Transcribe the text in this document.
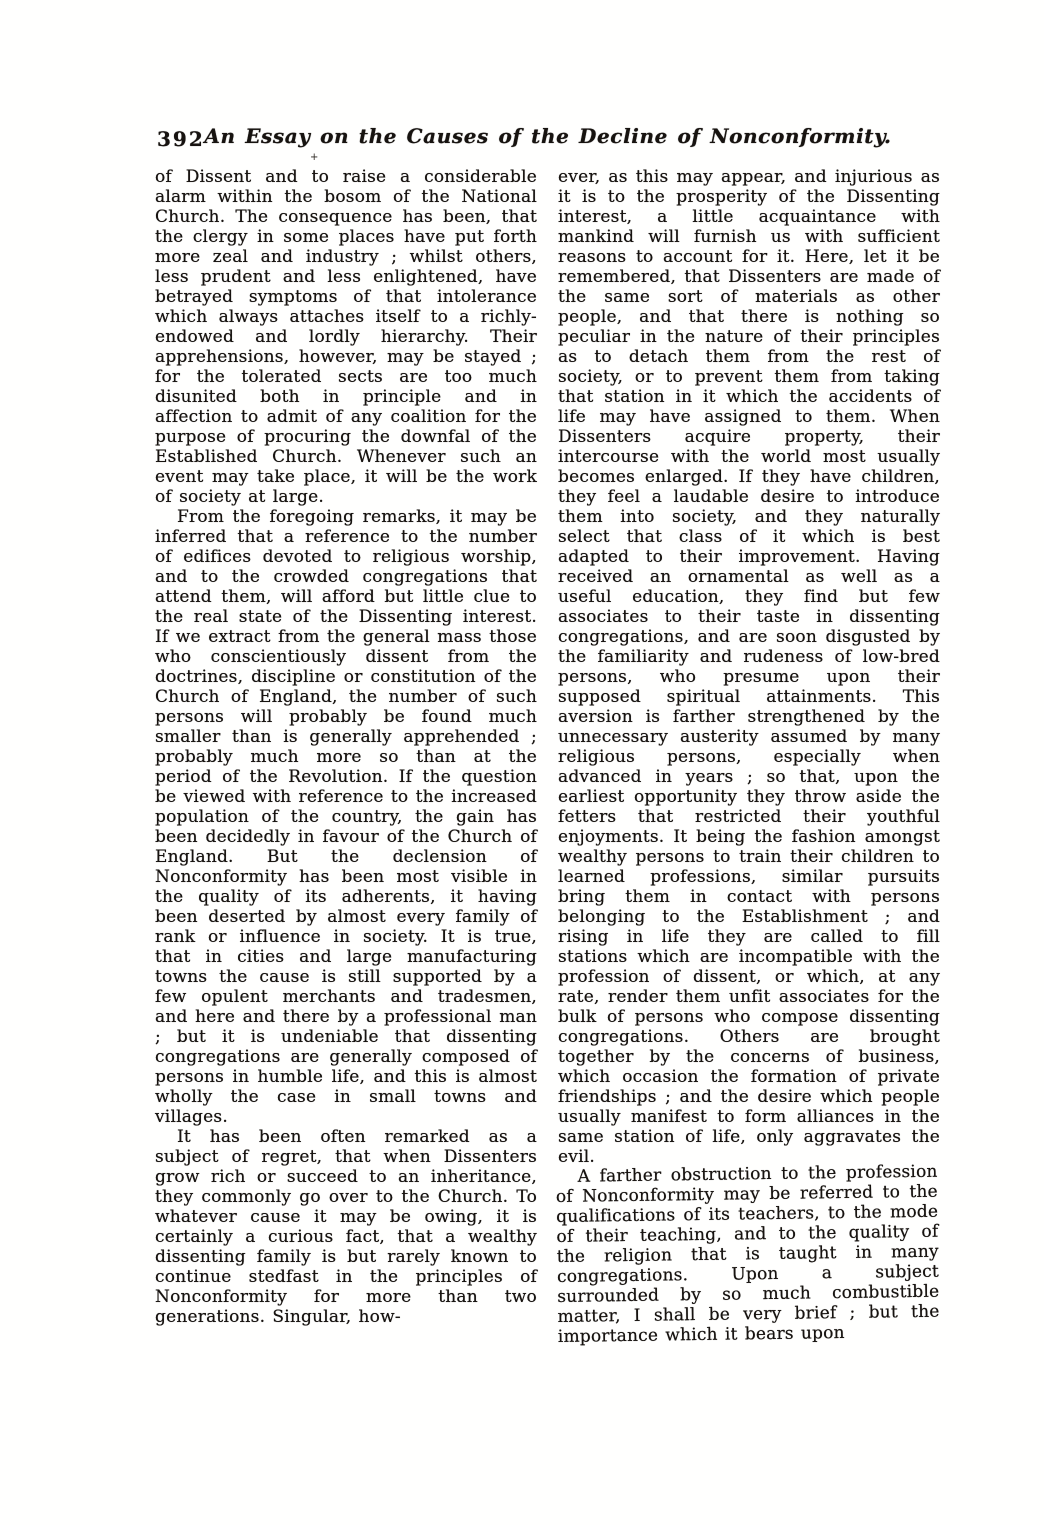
392 An Essay on the Causes of the Decline of Nonconformity.
+

of Dissent and to raise a considerable alarm within the bosom of the National Church. The consequence has been, that the clergy in some places have put forth more zeal and industry ; whilst others, less prudent and less enlightened, have betrayed symptoms of that intolerance which always attaches itself to a richly-endowed and lordly hierarchy. Their apprehensions, however, may be stayed ; for the tolerated sects are too much disunited both in principle and in affection to admit of any coalition for the purpose of procuring the downfal of the Established Church. Whenever such an event may take place, it will be the work of society at large.

From the foregoing remarks, it may be inferred that a reference to the number of edifices devoted to religious worship, and to the crowded congregations that attend them, will afford but little clue to the real state of the Dissenting interest. If we extract from the general mass those who conscientiously dissent from the doctrines, discipline or constitution of the Church of England, the number of such persons will probably be found much smaller than is generally apprehended ; probably much more so than at the period of the Revolution. If the question be viewed with reference to the increased population of the country, the gain has been decidedly in favour of the Church of England. But the declension of Nonconformity has been most visible in the quality of its adherents, it having been deserted by almost every family of rank or influence in society. It is true, that in cities and large manufacturing towns the cause is still supported by a few opulent merchants and tradesmen, and here and there by a professional man ; but it is undeniable that dissenting congregations are generally composed of persons in humble life, and this is almost wholly the case in small towns and villages.

It has been often remarked as a subject of regret, that when Dissenters grow rich or succeed to an inheritance, they commonly go over to the Church. To whatever cause it may be owing, it is certainly a curious fact, that a wealthy dissenting family is but rarely known to continue stedfast in the principles of Nonconformity for more than two generations. Singular, how-

ever, as this may appear, and injurious as it is to the prosperity of the Dissenting interest, a little acquaintance with mankind will furnish us with sufficient reasons to account for it. Here, let it be remembered, that Dissenters are made of the same sort of materials as other people, and that there is nothing so peculiar in the nature of their principles as to detach them from the rest of society, or to prevent them from taking that station in it which the accidents of life may have assigned to them. When Dissenters acquire property, their intercourse with the world most usually becomes enlarged. If they have children, they feel a laudable desire to introduce them into society, and they naturally select that class of it which is best adapted to their improvement. Having received an ornamental as well as a useful education, they find but few associates to their taste in dissenting congregations, and are soon disgusted by the familiarity and rudeness of low-bred persons, who presume upon their supposed spiritual attainments. This aversion is farther strengthened by the unnecessary austerity assumed by many religious persons, especially when advanced in years ; so that, upon the earliest opportunity they throw aside the fetters that restricted their youthful enjoyments. It being the fashion amongst wealthy persons to train their children to learned professions, similar pursuits bring them in contact with persons belonging to the Establishment ; and rising in life they are called to fill stations which are incompatible with the profession of dissent, or which, at any rate, render them unfit associates for the bulk of persons who compose dissenting congregations. Others are brought together by the concerns of business, which occasion the formation of private friendships ; and the desire which people usually manifest to form alliances in the same station of life, only aggravates the evil.

A farther obstruction to the profession of Nonconformity may be referred to the qualifications of its teachers, to the mode of their teaching, and to the quality of the religion that is taught in many congregations. Upon a subject surrounded by so much combustible matter, I shall be very brief ; but the importance which it bears upon
